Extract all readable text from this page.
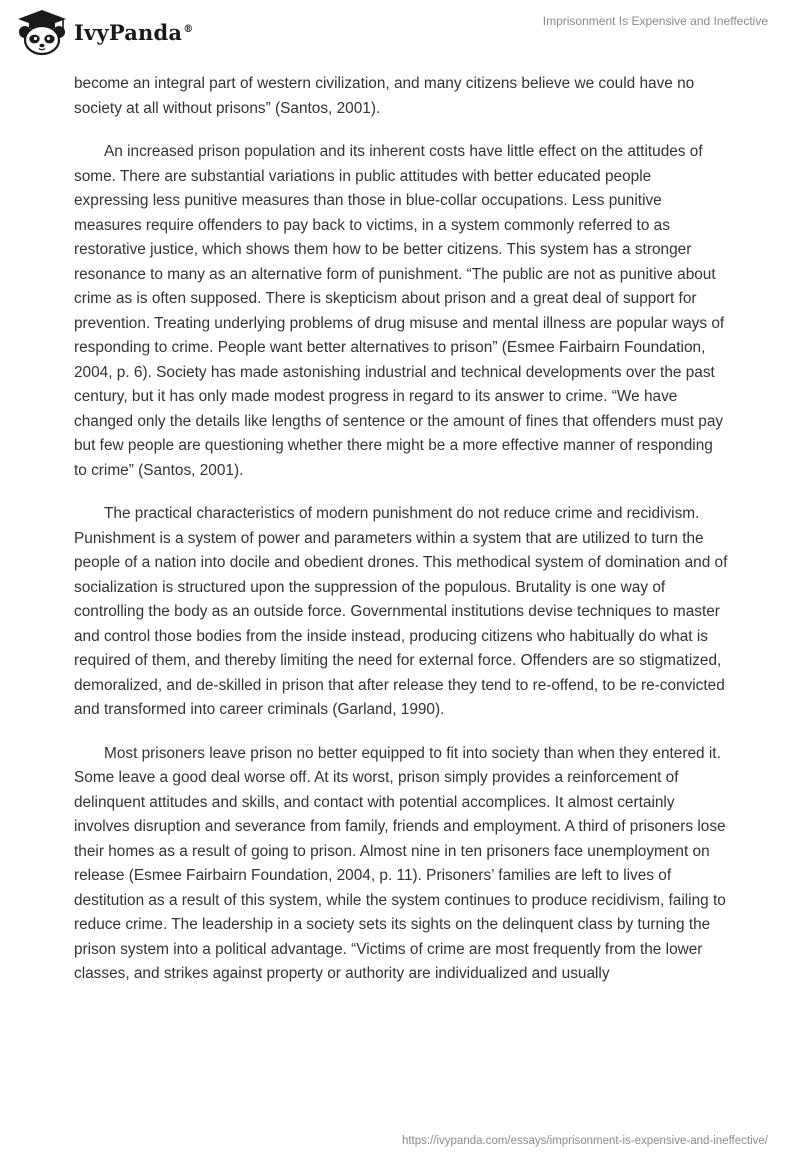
IvyPanda®
Imprisonment Is Expensive and Ineffective

become an integral part of western civilization, and many citizens believe we could have no society at all without prisons” (Santos, 2001).

An increased prison population and its inherent costs have little effect on the attitudes of some. There are substantial variations in public attitudes with better educated people expressing less punitive measures than those in blue-collar occupations. Less punitive measures require offenders to pay back to victims, in a system commonly referred to as restorative justice, which shows them how to be better citizens. This system has a stronger resonance to many as an alternative form of punishment. “The public are not as punitive about crime as is often supposed. There is skepticism about prison and a great deal of support for prevention. Treating underlying problems of drug misuse and mental illness are popular ways of responding to crime. People want better alternatives to prison” (Esmee Fairbairn Foundation, 2004, p. 6). Society has made astonishing industrial and technical developments over the past century, but it has only made modest progress in regard to its answer to crime. “We have changed only the details like lengths of sentence or the amount of fines that offenders must pay but few people are questioning whether there might be a more effective manner of responding to crime” (Santos, 2001).

The practical characteristics of modern punishment do not reduce crime and recidivism. Punishment is a system of power and parameters within a system that are utilized to turn the people of a nation into docile and obedient drones. This methodical system of domination and of socialization is structured upon the suppression of the populous. Brutality is one way of controlling the body as an outside force. Governmental institutions devise techniques to master and control those bodies from the inside instead, producing citizens who habitually do what is required of them, and thereby limiting the need for external force. Offenders are so stigmatized, demoralized, and de-skilled in prison that after release they tend to re-offend, to be re-convicted and transformed into career criminals (Garland, 1990).

Most prisoners leave prison no better equipped to fit into society than when they entered it. Some leave a good deal worse off. At its worst, prison simply provides a reinforcement of delinquent attitudes and skills, and contact with potential accomplices. It almost certainly involves disruption and severance from family, friends and employment. A third of prisoners lose their homes as a result of going to prison. Almost nine in ten prisoners face unemployment on release (Esmee Fairbairn Foundation, 2004, p. 11). Prisoners’ families are left to lives of destitution as a result of this system, while the system continues to produce recidivism, failing to reduce crime. The leadership in a society sets its sights on the delinquent class by turning the prison system into a political advantage. “Victims of crime are most frequently from the lower classes, and strikes against property or authority are individualized and usually

https://ivypanda.com/essays/imprisonment-is-expensive-and-ineffective/
